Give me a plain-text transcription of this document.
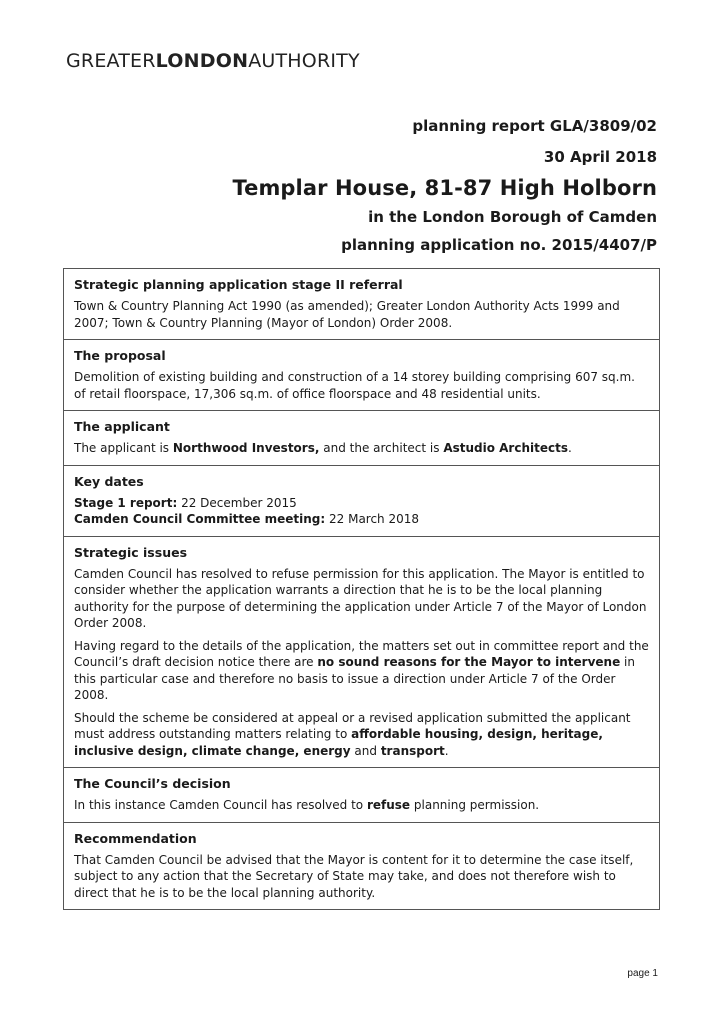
GREATERLONDONAUTHORITY
planning report GLA/3809/02
30 April 2018
Templar House, 81-87 High Holborn
in the London Borough of Camden
planning application no. 2015/4407/P
Strategic planning application stage II referral
Town & Country Planning Act 1990 (as amended); Greater London Authority Acts 1999 and 2007; Town & Country Planning (Mayor of London) Order 2008.
The proposal
Demolition of existing building and construction of a 14 storey building comprising 607 sq.m. of retail floorspace, 17,306 sq.m. of office floorspace and 48 residential units.
The applicant
The applicant is Northwood Investors, and the architect is Astudio Architects.
Key dates
Stage 1 report: 22 December 2015
Camden Council Committee meeting: 22 March 2018
Strategic issues
Camden Council has resolved to refuse permission for this application. The Mayor is entitled to consider whether the application warrants a direction that he is to be the local planning authority for the purpose of determining the application under Article 7 of the Mayor of London Order 2008.
Having regard to the details of the application, the matters set out in committee report and the Council’s draft decision notice there are no sound reasons for the Mayor to intervene in this particular case and therefore no basis to issue a direction under Article 7 of the Order 2008.
Should the scheme be considered at appeal or a revised application submitted the applicant must address outstanding matters relating to affordable housing, design, heritage, inclusive design, climate change, energy and transport.
The Council’s decision
In this instance Camden Council has resolved to refuse planning permission.
Recommendation
That Camden Council be advised that the Mayor is content for it to determine the case itself, subject to any action that the Secretary of State may take, and does not therefore wish to direct that he is to be the local planning authority.
page 1
